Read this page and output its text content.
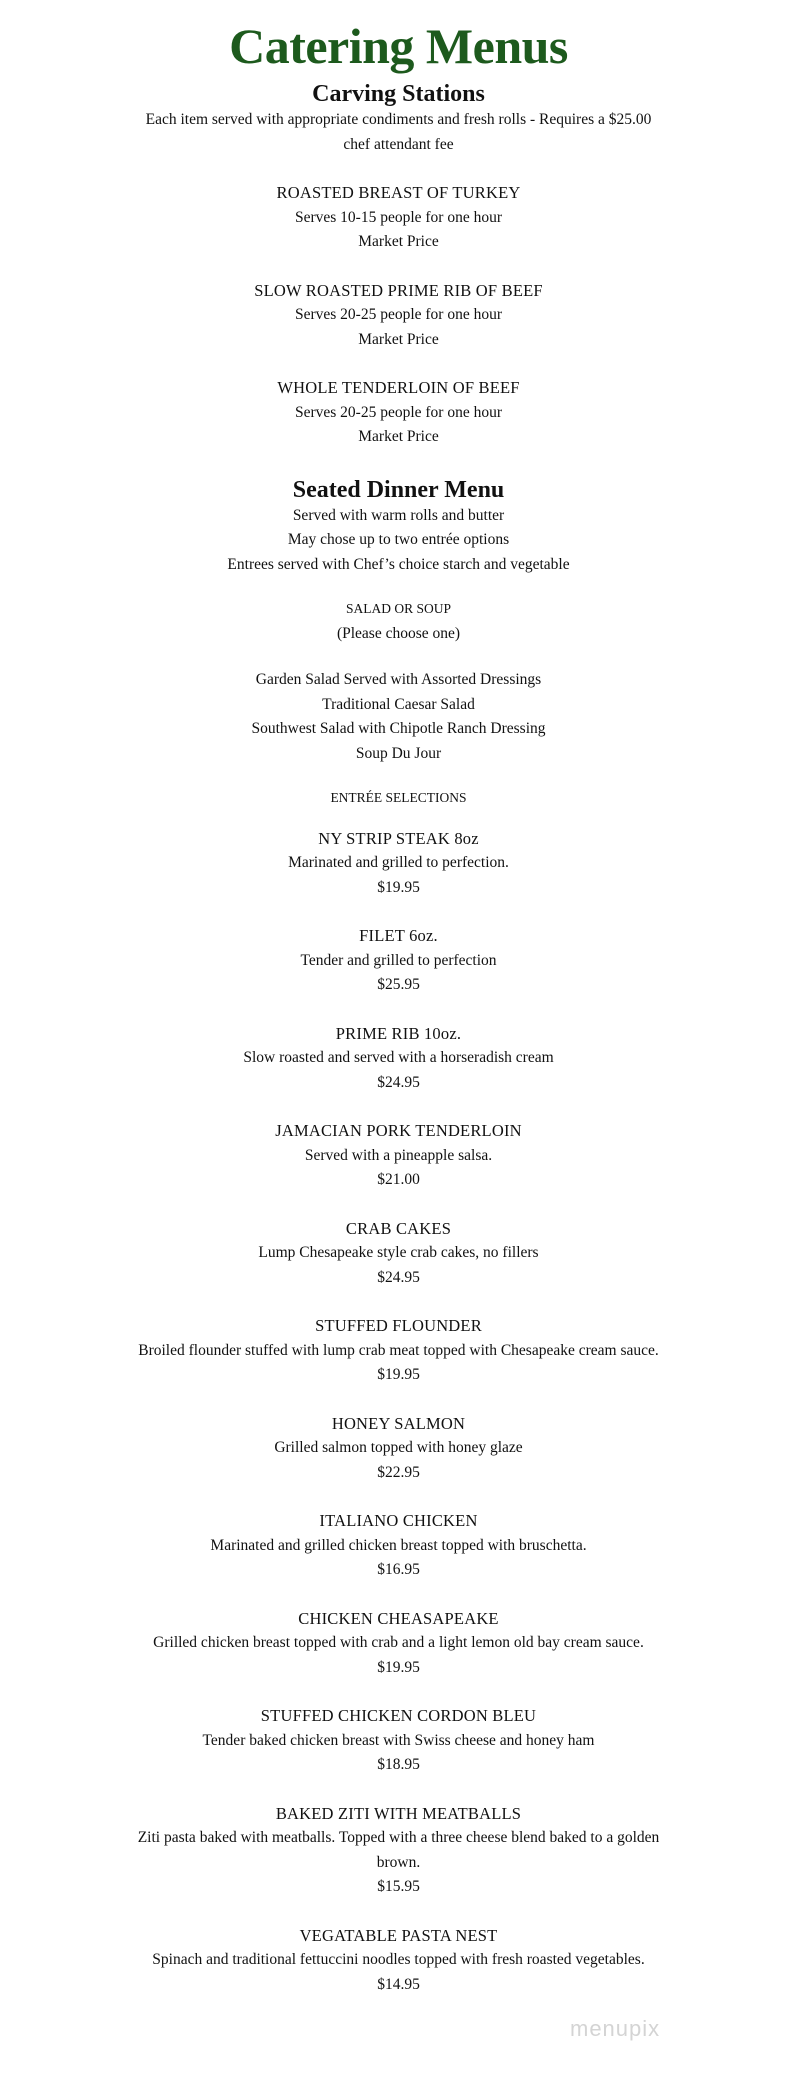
Catering Menus
Carving Stations

Each item served with appropriate condiments and fresh rolls - Requires a $25.00

chef attendant fee

ROASTED BREAST OF TURKEY

Serves 10-15 people for one hour

Market Price

SLOW ROASTED PRIME RIB OF BEEF

Serves 20-25 people for one hour

Market Price

WHOLE TENDERLOIN OF BEEF

Serves 20-25 people for one hour

Market Price

Seated Dinner Menu

Served with warm rolls and butter

May chose up to two entrée options

Entrees served with Chef’s choice starch and vegetable

SALAD OR SOUP

(Please choose one)

Garden Salad Served with Assorted Dressings

Traditional Caesar Salad

Southwest Salad with Chipotle Ranch Dressing

Soup Du Jour

ENTRÉE SELECTIONS

NY STRIP STEAK 8oz

Marinated and grilled to perfection.

$19.95

FILET 6oz.

Tender and grilled to perfection

$25.95

PRIME RIB 10oz.

Slow roasted and served with a horseradish cream

$24.95

JAMACIAN PORK TENDERLOIN

Served with a pineapple salsa.

$21.00

CRAB CAKES

Lump Chesapeake style crab cakes, no fillers

$24.95

STUFFED FLOUNDER

Broiled flounder stuffed with lump crab meat topped with Chesapeake cream sauce.

$19.95

HONEY SALMON

Grilled salmon topped with honey glaze

$22.95

ITALIANO CHICKEN

Marinated and grilled chicken breast topped with bruschetta.

$16.95

CHICKEN CHEASAPEAKE

Grilled chicken breast topped with crab and a light lemon old bay cream sauce.

$19.95

STUFFED CHICKEN CORDON BLEU

Tender baked chicken breast with Swiss cheese and honey ham

$18.95

BAKED ZITI WITH MEATBALLS

Ziti pasta baked with meatballs. Topped with a three cheese blend baked to a golden

brown.

$15.95

VEGATABLE PASTA NEST

Spinach and traditional fettuccini noodles topped with fresh roasted vegetables.

$14.95

menupix
